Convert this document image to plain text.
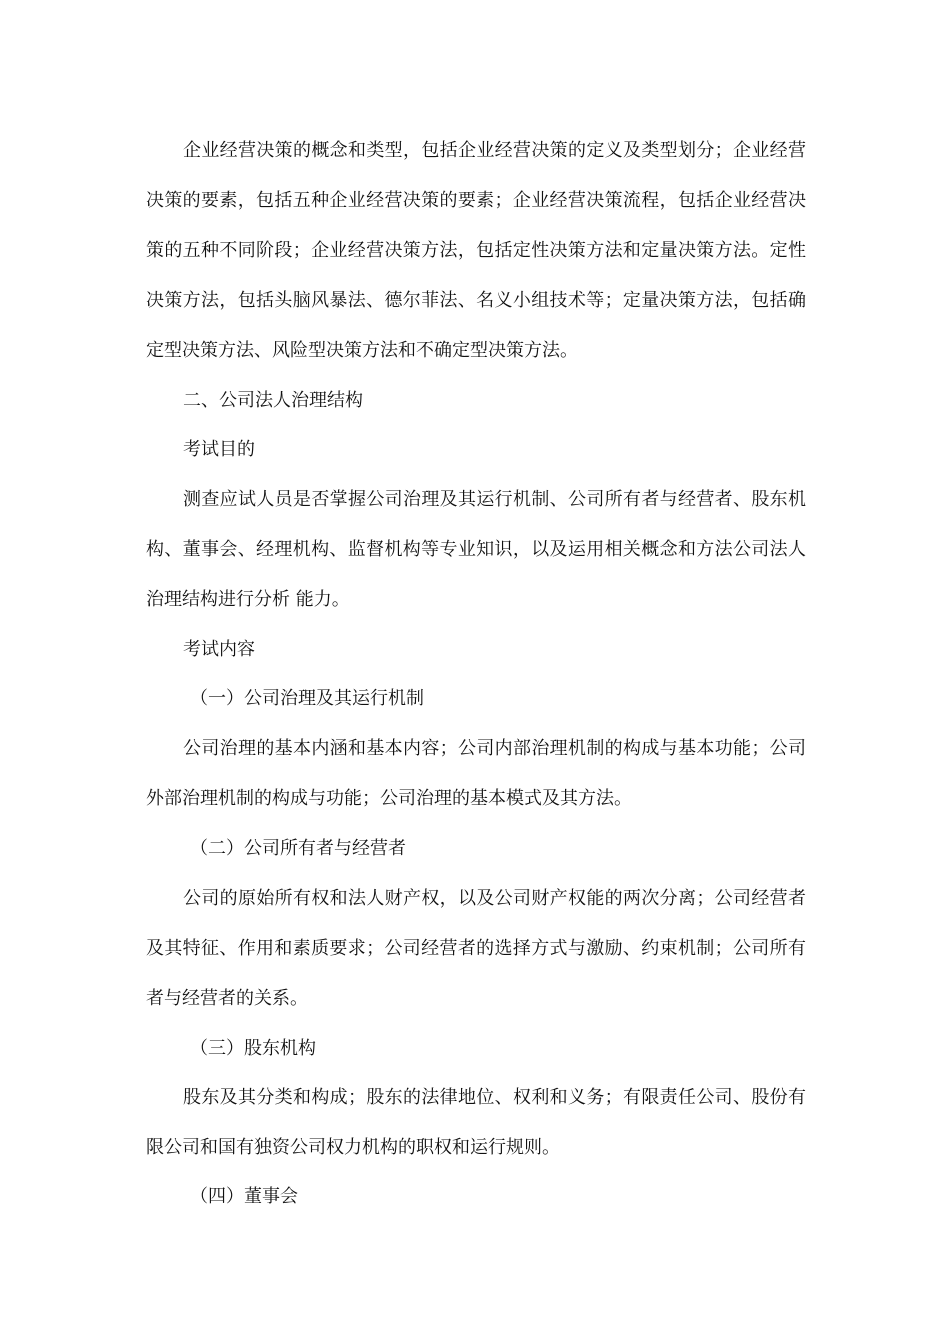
企业经营决策的概念和类型，包括企业经营决策的定义及类型划分；企业经营决策的要素，包括五种企业经营决策的要素；企业经营决策流程，包括企业经营决策的五种不同阶段；企业经营决策方法，包括定性决策方法和定量决策方法。定性决策方法，包括头脑风暴法、德尔菲法、名义小组技术等；定量决策方法，包括确定型决策方法、风险型决策方法和不确定型决策方法。

二、公司法人治理结构

考试目的

测查应试人员是否掌握公司治理及其运行机制、公司所有者与经营者、股东机构、董事会、经理机构、监督机构等专业知识，以及运用相关概念和方法公司法人治理结构进行分析 能力。

考试内容

（一）公司治理及其运行机制

公司治理的基本内涵和基本内容；公司内部治理机制的构成与基本功能；公司外部治理机制的构成与功能；公司治理的基本模式及其方法。

（二）公司所有者与经营者

公司的原始所有权和法人财产权，以及公司财产权能的两次分离；公司经营者及其特征、作用和素质要求；公司经营者的选择方式与激励、约束机制；公司所有者与经营者的关系。

（三）股东机构

股东及其分类和构成；股东的法律地位、权利和义务；有限责任公司、股份有限公司和国有独资公司权力机构的职权和运行规则。

（四）董事会
